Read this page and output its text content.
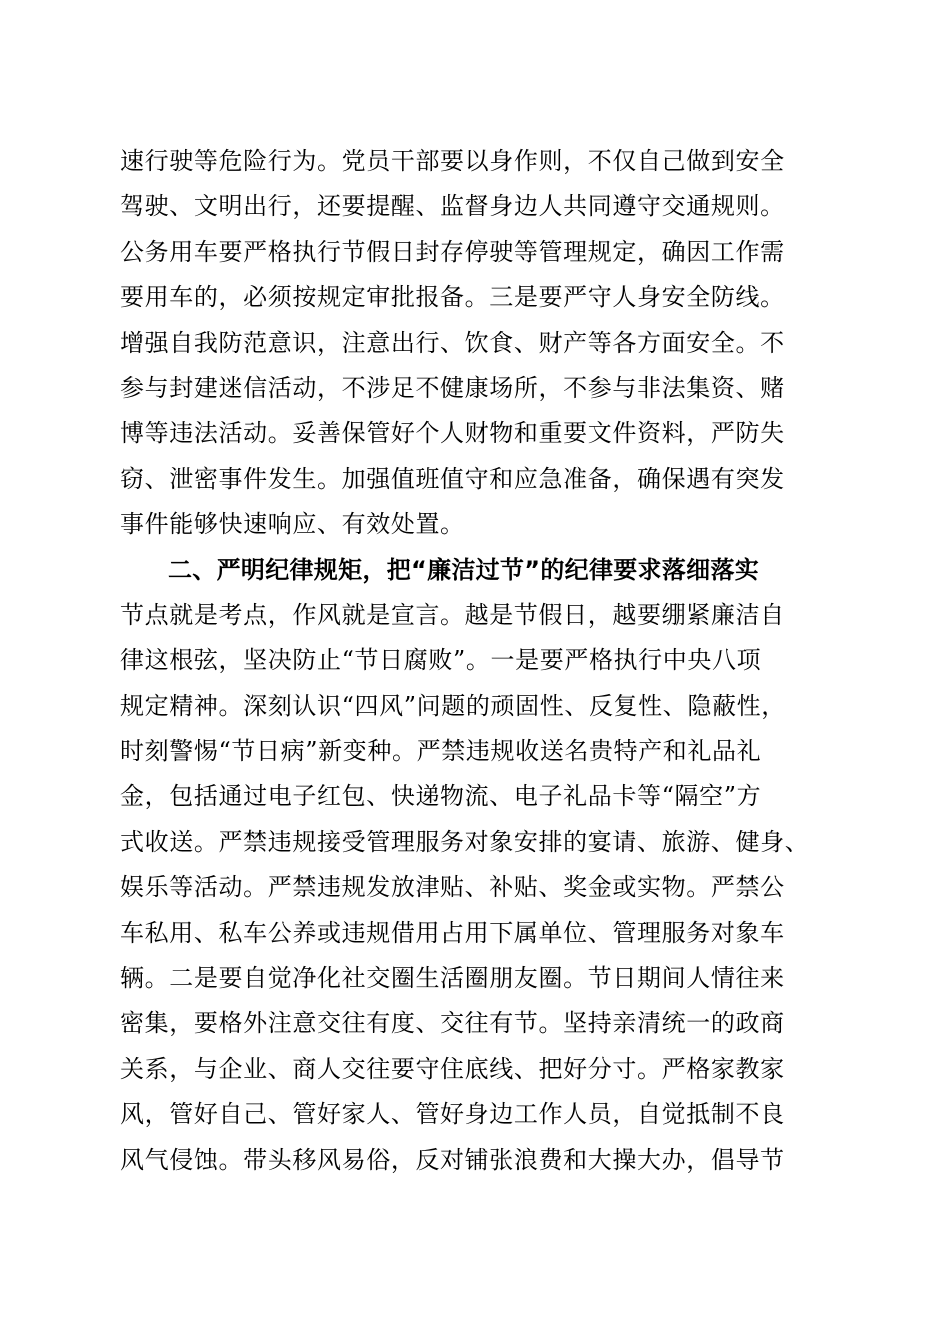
速行驶等危险行为。党员干部要以身作则，不仅自己做到安全
驾驶、文明出行，还要提醒、监督身边人共同遵守交通规则。
公务用车要严格执行节假日封存停驶等管理规定，确因工作需
要用车的，必须按规定审批报备。三是要严守人身安全防线。
增强自我防范意识，注意出行、饮食、财产等各方面安全。不
参与封建迷信活动，不涉足不健康场所，不参与非法集资、赌
博等违法活动。妥善保管好个人财物和重要文件资料，严防失
窃、泄密事件发生。加强值班值守和应急准备，确保遇有突发
事件能够快速响应、有效处置。
二、严明纪律规矩，把“廉洁过节”的纪律要求落细落实
节点就是考点，作风就是宣言。越是节假日，越要绷紧廉洁自
律这根弦，坚决防止“节日腐败”。一是要严格执行中央八项
规定精神。深刻认识“四风”问题的顽固性、反复性、隐蔽性，
时刻警惕“节日病”新变种。严禁违规收送名贵特产和礼品礼
金，包括通过电子红包、快递物流、电子礼品卡等“隔空”方
式收送。严禁违规接受管理服务对象安排的宴请、旅游、健身、
娱乐等活动。严禁违规发放津贴、补贴、奖金或实物。严禁公
车私用、私车公养或违规借用占用下属单位、管理服务对象车
辆。二是要自觉净化社交圈生活圈朋友圈。节日期间人情往来
密集，要格外注意交往有度、交往有节。坚持亲清统一的政商
关系，与企业、商人交往要守住底线、把好分寸。严格家教家
风，管好自己、管好家人、管好身边工作人员，自觉抵制不良
风气侵蚀。带头移风易俗，反对铺张浪费和大操大办，倡导节
